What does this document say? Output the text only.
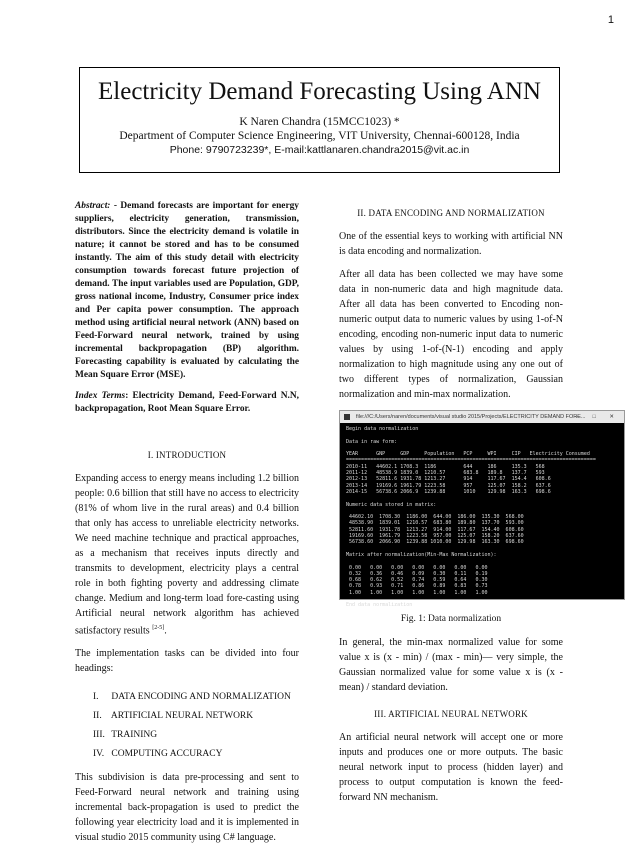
1
Electricity Demand Forecasting Using ANN
K Naren Chandra (15MCC1023) *
Department of Computer Science Engineering, VIT University, Chennai-600128, India
Phone: 9790723239*, E-mail:kattlanaren.chandra2015@vit.ac.in

Abstract: - Demand forecasts are important for energy suppliers, electricity generation, transmission, distributors. Since the electricity demand is volatile in nature; it cannot be stored and has to be consumed instantly. The aim of this study detail with electricity consumption towards forecast future projection of demand. The input variables used are Population, GDP, gross national income, Industry, Consumer price index and Per capita power consumption. The approach method using artificial neural network (ANN) based on Feed-Forward neural network, trained by using incremental backpropagation (BP) algorithm. Forecasting capability is evaluated by calculating the Mean Square Error (MSE).

Index Terms: Electricity Demand, Feed-Forward N.N, backpropagation, Root Mean Square Error.

I. INTRODUCTION

Expanding access to energy means including 1.2 billion people: 0.6 billion that still have no access to electricity (81% of whom live in the rural areas) and 0.4 billion that only has access to unreliable electricity networks. We need machine technique and practical approaches, as a mechanism that receives inputs directly and transmits to development, electricity plays a central role in both fighting poverty and addressing climate change. Medium and long-term load fore-casting using Artificial neural network algorithm has achieved satisfactory results [2-5].

The implementation tasks can be divided into four headings:

I. DATA ENCODING AND NORMALIZATION
II. ARTIFICIAL NEURAL NETWORK
III. TRAINING
IV. COMPUTING ACCURACY

This subdivision is data pre-processing and sent to Feed-Forward neural network and training using incremental back-propagation is used to predict the following year electricity load and it is implemented in visual studio 2015 community using C# language.

II. DATA ENCODING AND NORMALIZATION

One of the essential keys to working with artificial NN is data encoding and normalization.

After all data has been collected we may have some data in non-numeric data and high magnitude data. After all data has been converted to Encoding non-numeric output data to numeric values by using 1-of-N encoding, encoding non-numeric input data to numeric values by using 1-of-(N-1) encoding and apply normalization to high magnitude using any one out of two different types of normalization, Gaussian normalization and min-max normalization.

file:///C:/Users/naren/documents/visual studio 2015/Projects/ELECTRICITY DEMAND FORE...
─ □ ✕
Begin data normalization

Data in raw form:

YEAR      GNP     GDP     Population   PCP     WPI     CIP   Electricity Consumed
===================================================================================
2010-11   44602.1 1708.3  1186         644     186     135.3   568
2011-12   48538.9 1839.0  1210.57      683.8   189.8   137.7   593
2012-13   52811.6 1931.78 1213.27      914     117.67  154.4   608.6
2013-14   19169.6 1961.79 1223.58      957     125.07  158.2   637.6
2014-15   56738.6 2066.9  1239.88      1010    129.98  163.3   698.6

Numeric data stored in matrix:

44602.10  1708.30  1186.00  644.00  186.00  135.30  568.00
48538.90  1839.01  1210.57  683.80  189.80  137.70  593.00
52811.60  1931.78  1213.27  914.00  117.67  154.40  608.60
19169.60  1961.79  1223.58  957.00  125.07  158.20  637.60
56738.60  2066.90  1239.88 1010.00  129.98  163.30  698.60

Matrix after normalization(Min-Max Normalization):

0.00   0.00   0.00   0.00   0.00   0.00   0.00
0.32   0.36   0.46   0.09   0.30   0.11   0.19
0.68   0.62   0.52   0.74   0.59   0.64   0.30
0.78   0.93   0.71   0.86   0.89   0.83   0.73
1.00   1.00   1.00   1.00   1.00   1.00   1.00

End data normalization
Fig. 1: Data normalization

In general, the min-max normalized value for some value x is (x - min) / (max - min)— very simple, the Gaussian normalized value for some value x is (x - mean) / standard deviation.

III. ARTIFICIAL NEURAL NETWORK

An artificial neural network will accept one or more inputs and produces one or more outputs. The basic neural network input to process (hidden layer) and process to output computation is known the feed-forward NN mechanism.
